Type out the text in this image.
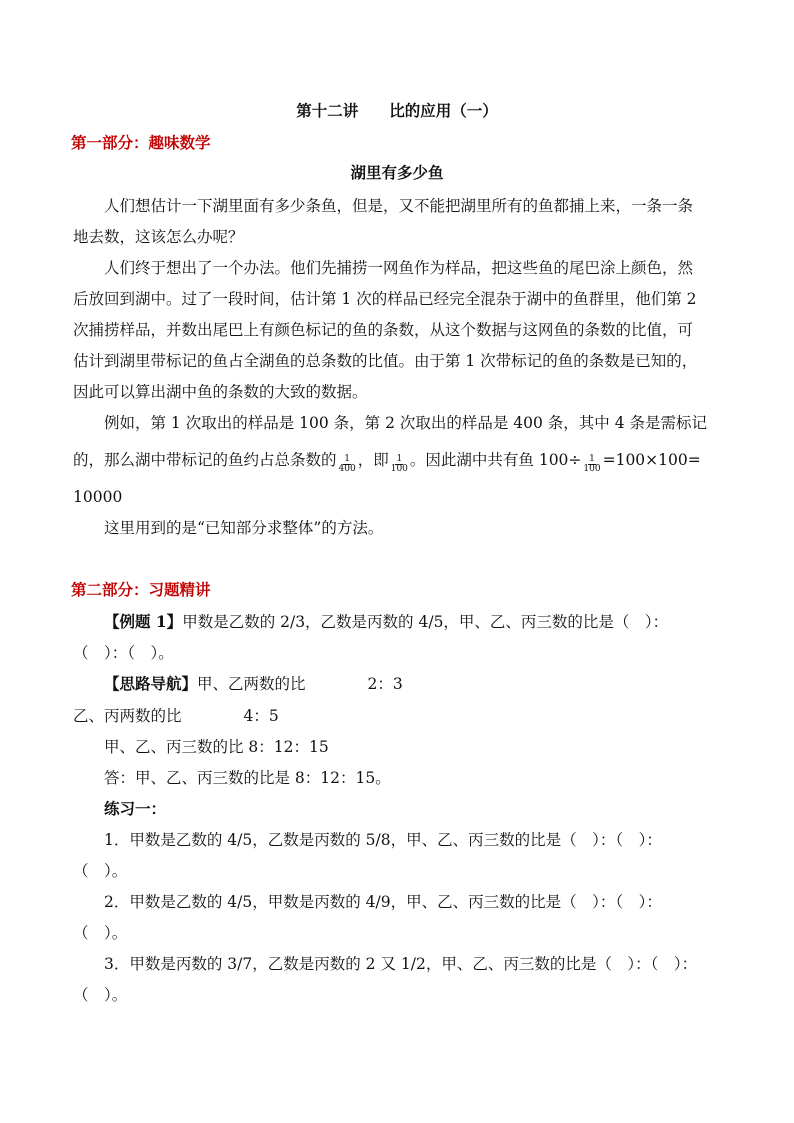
第十二讲　　比的应用（一）
第一部分：趣味数学
湖里有多少鱼
人们想估计一下湖里面有多少条鱼，但是，又不能把湖里所有的鱼都捕上来，一条一条
地去数，这该怎么办呢？
人们终于想出了一个办法。他们先捕捞一网鱼作为样品，把这些鱼的尾巴涂上颜色，然
后放回到湖中。过了一段时间，估计第 1 次的样品已经完全混杂于湖中的鱼群里，他们第 2
次捕捞样品，并数出尾巴上有颜色标记的鱼的条数，从这个数据与这网鱼的条数的比值，可
估计到湖里带标记的鱼占全湖鱼的总条数的比值。由于第 1 次带标记的鱼的条数是已知的，
因此可以算出湖中鱼的条数的大致的数据。
例如，第 1 次取出的样品是 100 条，第 2 次取出的样品是 400 条，其中 4 条是需标记
的，那么湖中带标记的鱼约占总条数的 $\frac{1}{400}$ ，即 $\frac{1}{100}$ 。因此湖中共有鱼 $100\div \frac{1}{100} =100\times 100=$
10000
这里用到的是“已知部分求整体”的方法。
第二部分：习题精讲
【例题 1】甲数是乙数的 2/3，乙数是丙数的 4/5，甲、乙、丙三数的比是（　）：
（　）：（　）。
【思路导航】甲、乙两数的比　　　　2：3
乙、丙两数的比　　　　4：5
甲、乙、丙三数的比 8：12：15
答：甲、乙、丙三数的比是 8：12：15。
练习一：
1．甲数是乙数的 4/5，乙数是丙数的 5/8，甲、乙、丙三数的比是（　）：（　）：
（　）。
2．甲数是乙数的 4/5，甲数是丙数的 4/9，甲、乙、丙三数的比是（　）：（　）：
（　）。
3．甲数是丙数的 3/7，乙数是丙数的 2 又 1/2，甲、乙、丙三数的比是（　）：（　）：
（　）。
